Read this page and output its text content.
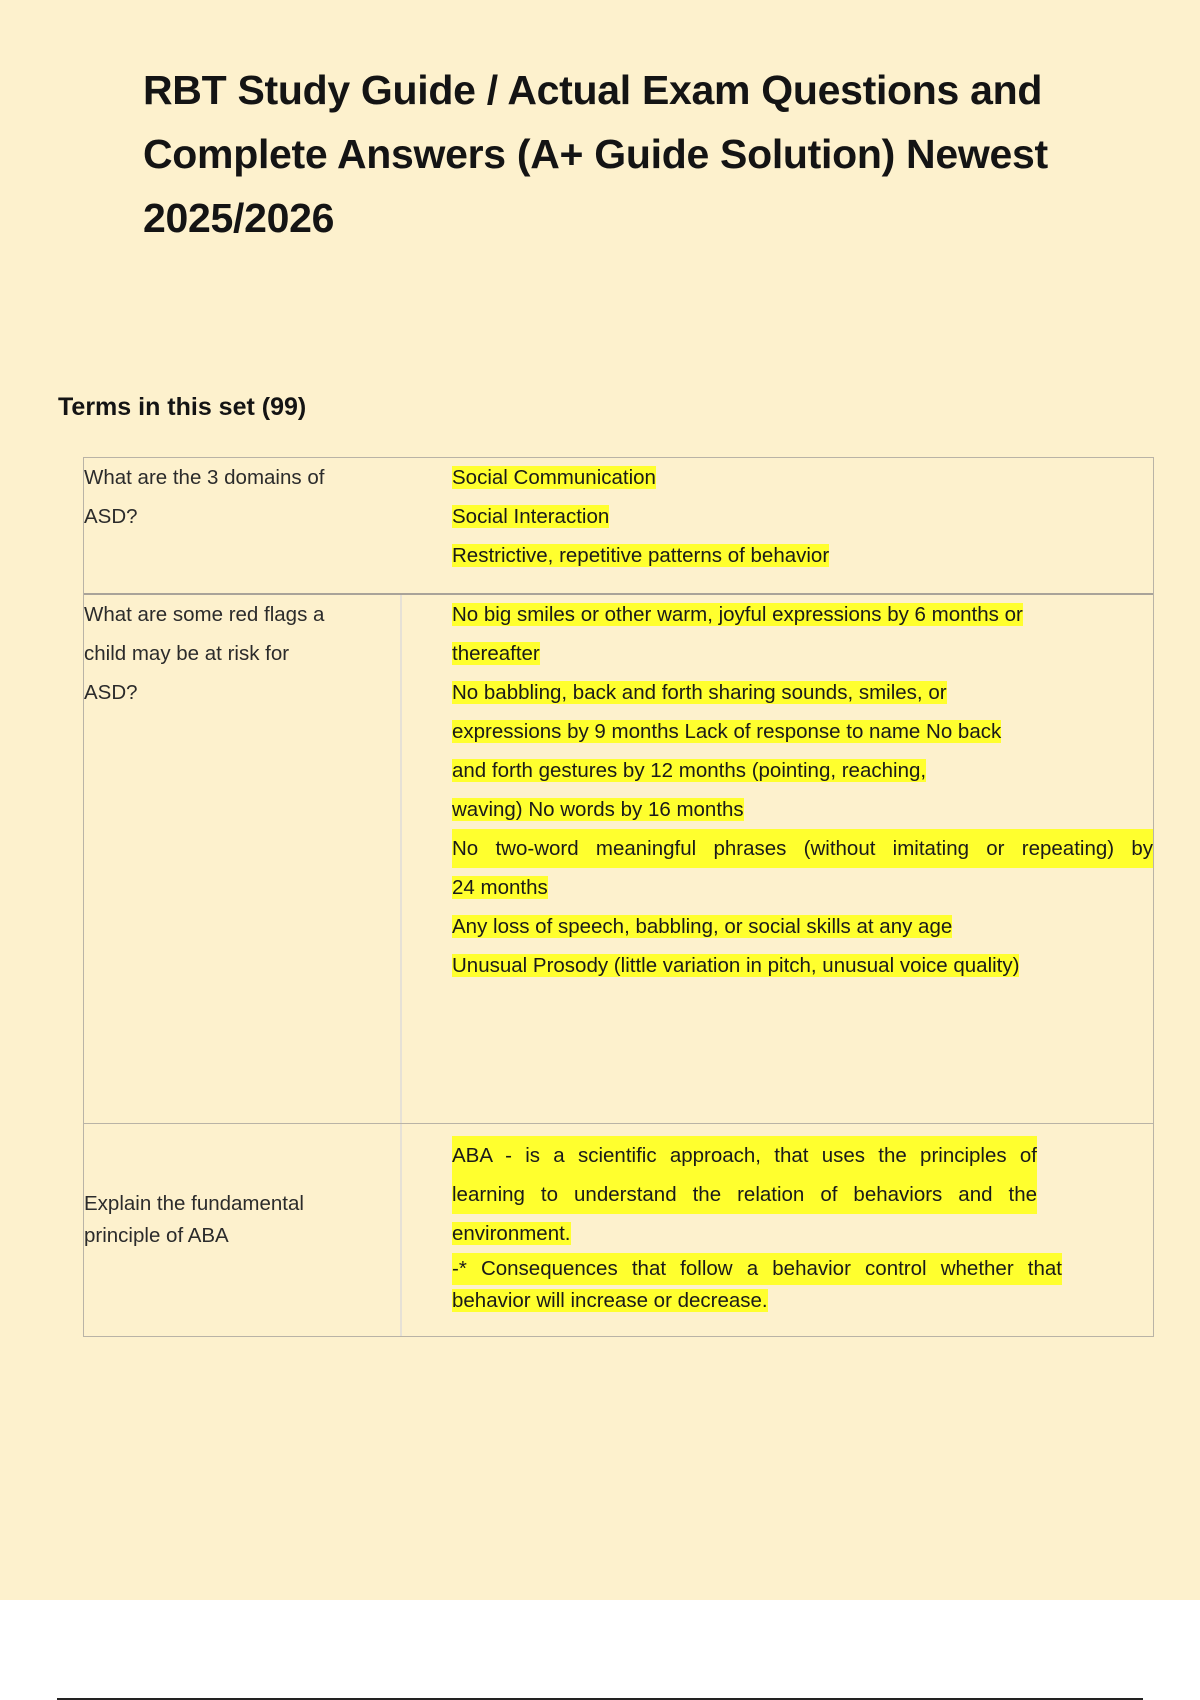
RBT Study Guide / Actual Exam Questions and
Complete Answers (A+ Guide Solution) Newest
2025/2026
Terms in this set (99)
What are the 3 domains of
ASD?
Social Communication
Social Interaction
Restrictive, repetitive patterns of behavior
What are some red flags a
child may be at risk for
ASD?
No big smiles or other warm, joyful expressions by 6 months or
thereafter
No babbling, back and forth sharing sounds, smiles, or
expressions by 9 months Lack of response to name No back
and forth gestures by 12 months (pointing, reaching,
waving) No words by 16 months
No two-word meaningful phrases (without imitating or repeating) by
24 months
Any loss of speech, babbling, or social skills at any age
Unusual Prosody (little variation in pitch, unusual voice quality)
Explain the fundamental
principle of ABA
ABA - is a scientific approach, that uses the principles of
learning to understand the relation of behaviors and the
environment.
-* Consequences that follow a behavior control whether that
behavior will increase or decrease.
